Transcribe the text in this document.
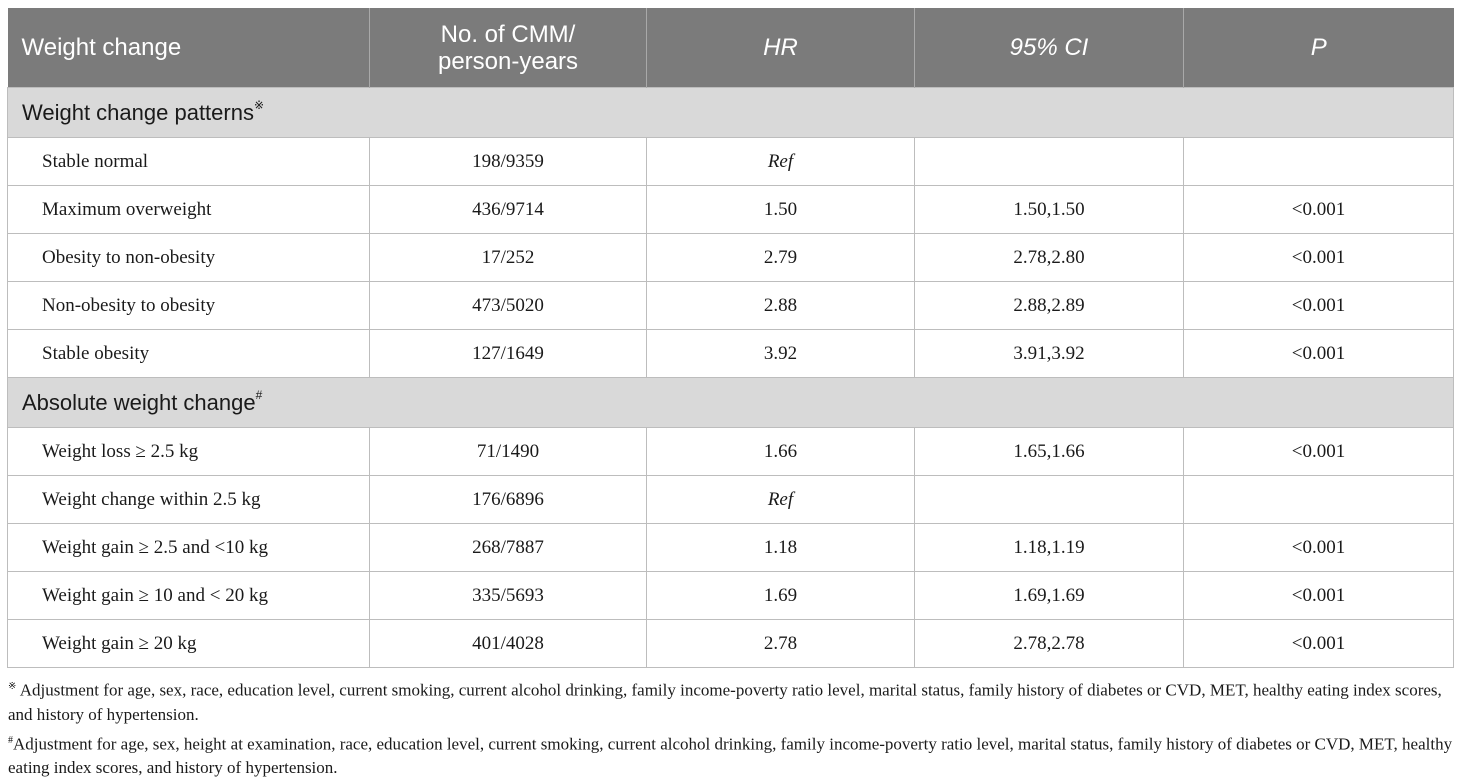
Weight change	No. of CMM/
person-years	HR	95% CI	P
Weight change patterns※
Stable normal	198/9359	Ref		
Maximum overweight	436/9714	1.50	1.50,1.50	<0.001
Obesity to non-obesity	17/252	2.79	2.78,2.80	<0.001
Non-obesity to obesity	473/5020	2.88	2.88,2.89	<0.001
Stable obesity	127/1649	3.92	3.91,3.92	<0.001
Absolute weight change#
Weight loss ≥ 2.5 kg	71/1490	1.66	1.65,1.66	<0.001
Weight change within 2.5 kg	176/6896	Ref		
Weight gain ≥ 2.5 and <10 kg	268/7887	1.18	1.18,1.19	<0.001
Weight gain ≥ 10 and < 20 kg	335/5693	1.69	1.69,1.69	<0.001
Weight gain ≥ 20 kg	401/4028	2.78	2.78,2.78	<0.001

※ Adjustment for age, sex, race, education level, current smoking, current alcohol drinking, family income-poverty ratio level, marital status, family history of diabetes or CVD, MET, healthy eating index scores, and history of hypertension.

#Adjustment for age, sex, height at examination, race, education level, current smoking, current alcohol drinking, family income-poverty ratio level, marital status, family history of diabetes or CVD, MET, healthy eating index scores, and history of hypertension.
